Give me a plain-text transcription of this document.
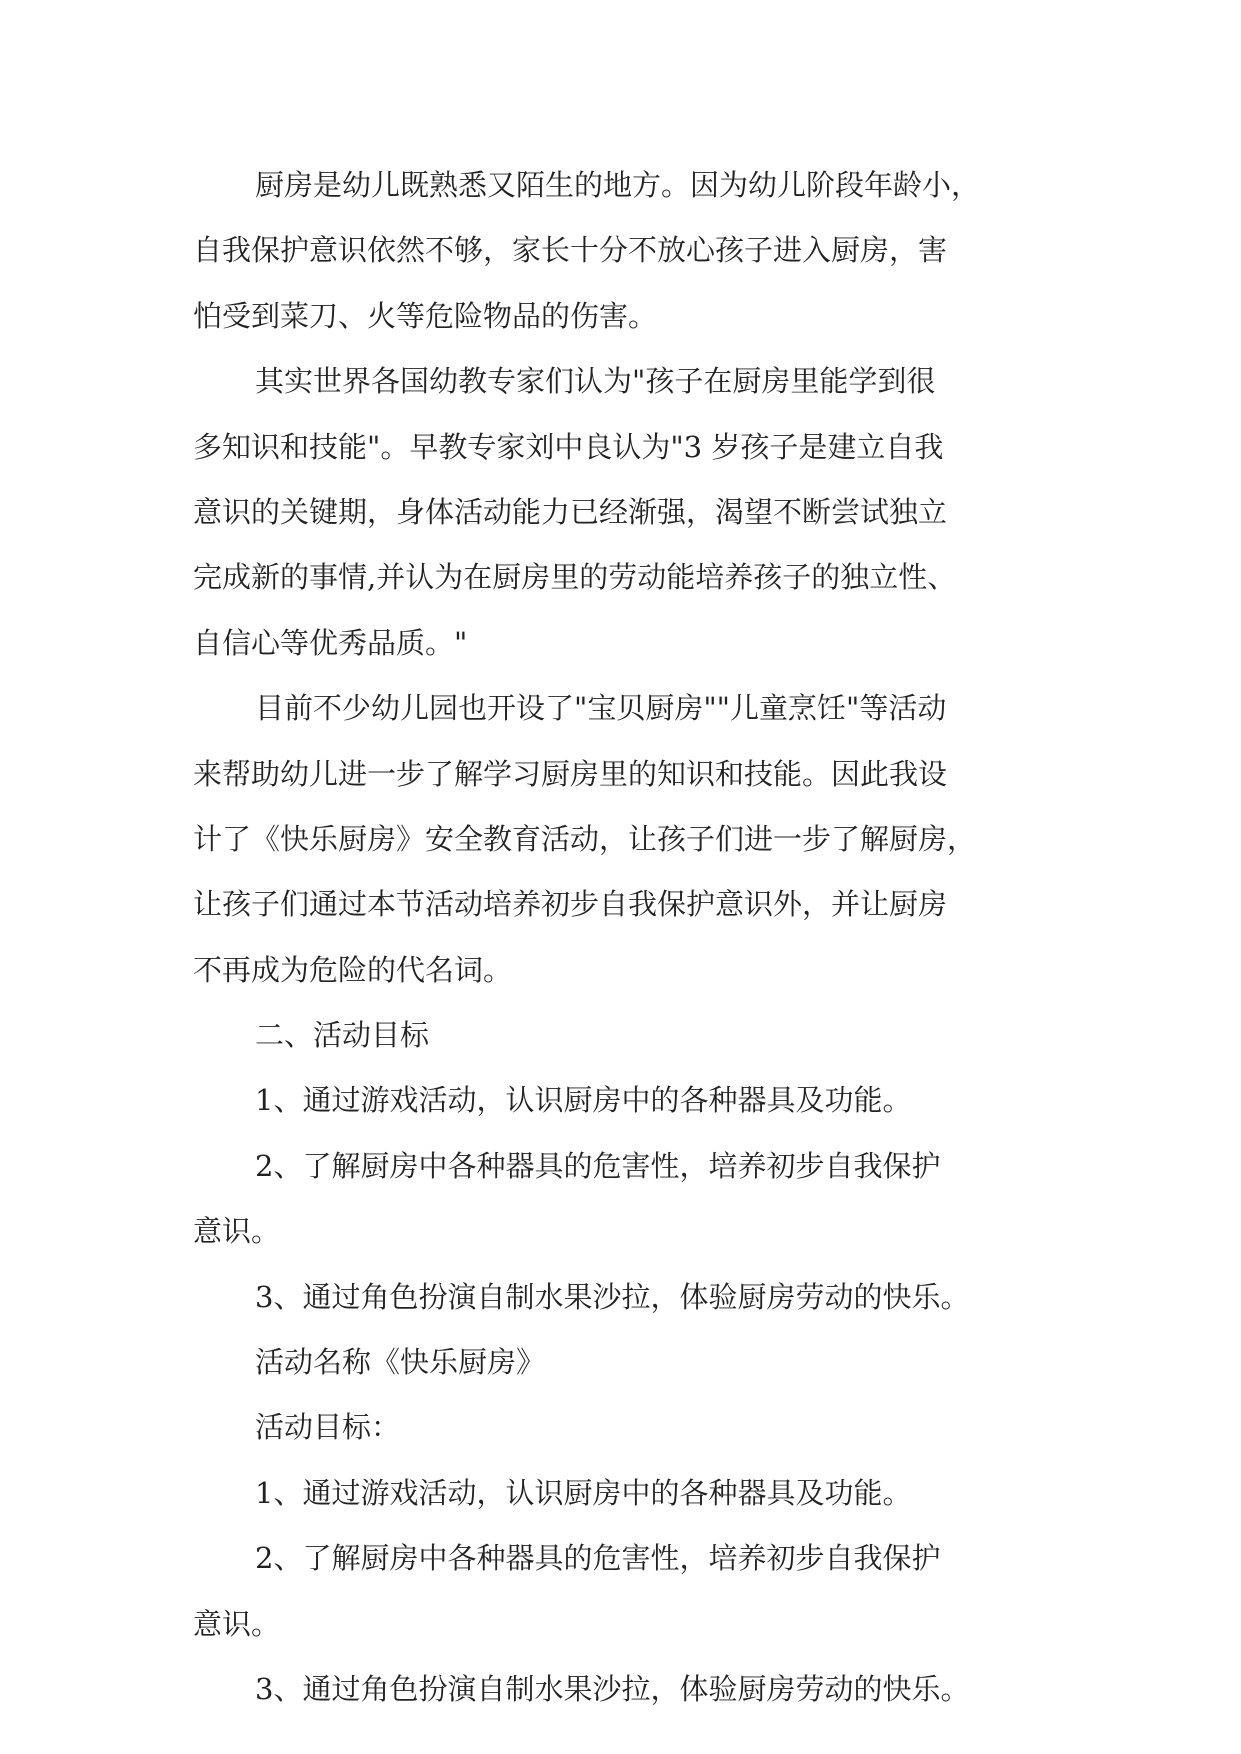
厨房是幼儿既熟悉又陌生的地方。因为幼儿阶段年龄小，
自我保护意识依然不够，家长十分不放心孩子进入厨房，害
怕受到菜刀、火等危险物品的伤害。
其实世界各国幼教专家们认为"孩子在厨房里能学到很
多知识和技能"。早教专家刘中良认为"3 岁孩子是建立自我
意识的关键期，身体活动能力已经渐强，渴望不断尝试独立
完成新的事情,并认为在厨房里的劳动能培养孩子的独立性、
自信心等优秀品质。"
目前不少幼儿园也开设了"宝贝厨房""儿童烹饪"等活动
来帮助幼儿进一步了解学习厨房里的知识和技能。因此我设
计了《快乐厨房》安全教育活动，让孩子们进一步了解厨房，
让孩子们通过本节活动培养初步自我保护意识外，并让厨房
不再成为危险的代名词。
二、活动目标
1、通过游戏活动，认识厨房中的各种器具及功能。
2、了解厨房中各种器具的危害性，培养初步自我保护
意识。
3、通过角色扮演自制水果沙拉，体验厨房劳动的快乐。
活动名称《快乐厨房》
活动目标：
1、通过游戏活动，认识厨房中的各种器具及功能。
2、了解厨房中各种器具的危害性，培养初步自我保护
意识。
3、通过角色扮演自制水果沙拉，体验厨房劳动的快乐。
